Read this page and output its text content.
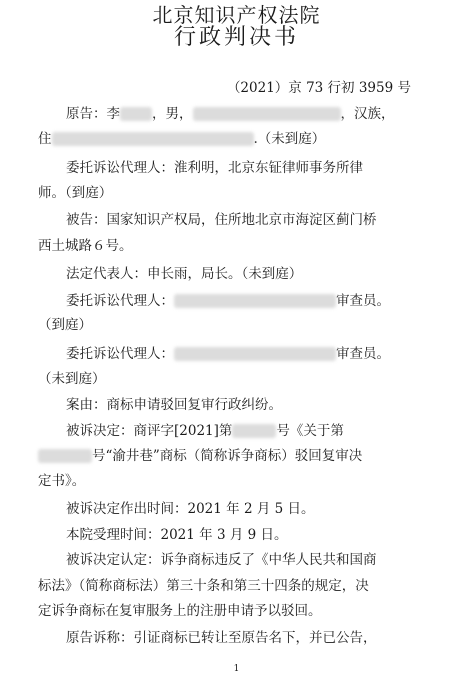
北京知识产权法院
行政判决书
（2021）京 73 行初 3959 号
原告：李 ，男，	，汉族，
住	.（未到庭）
委托诉讼代理人：淮利明，北京东钲律师事务所律
师。（到庭）
被告：国家知识产权局，住所地北京市海淀区蓟门桥
西土城路６号。
法定代表人：申长雨，局长。（未到庭）
委托诉讼代理人：	审查员。
（到庭）
委托诉讼代理人：	审查员。
（未到庭）
案由：商标申请驳回复审行政纠纷。
被诉决定：商评字[2021]第	号《关于第
号“渝井巷”商标（简称诉争商标）驳回复审决
定书》。
被诉决定作出时间：2021 年 2 月 5 日。
本院受理时间：2021 年 3 月 9 日。
被诉决定认定：诉争商标违反了《中华人民共和国商
标法》（简称商标法）第三十条和第三十四条的规定，决
定诉争商标在复审服务上的注册申请予以驳回。
原告诉称：引证商标已转让至原告名下，并已公告，
1
